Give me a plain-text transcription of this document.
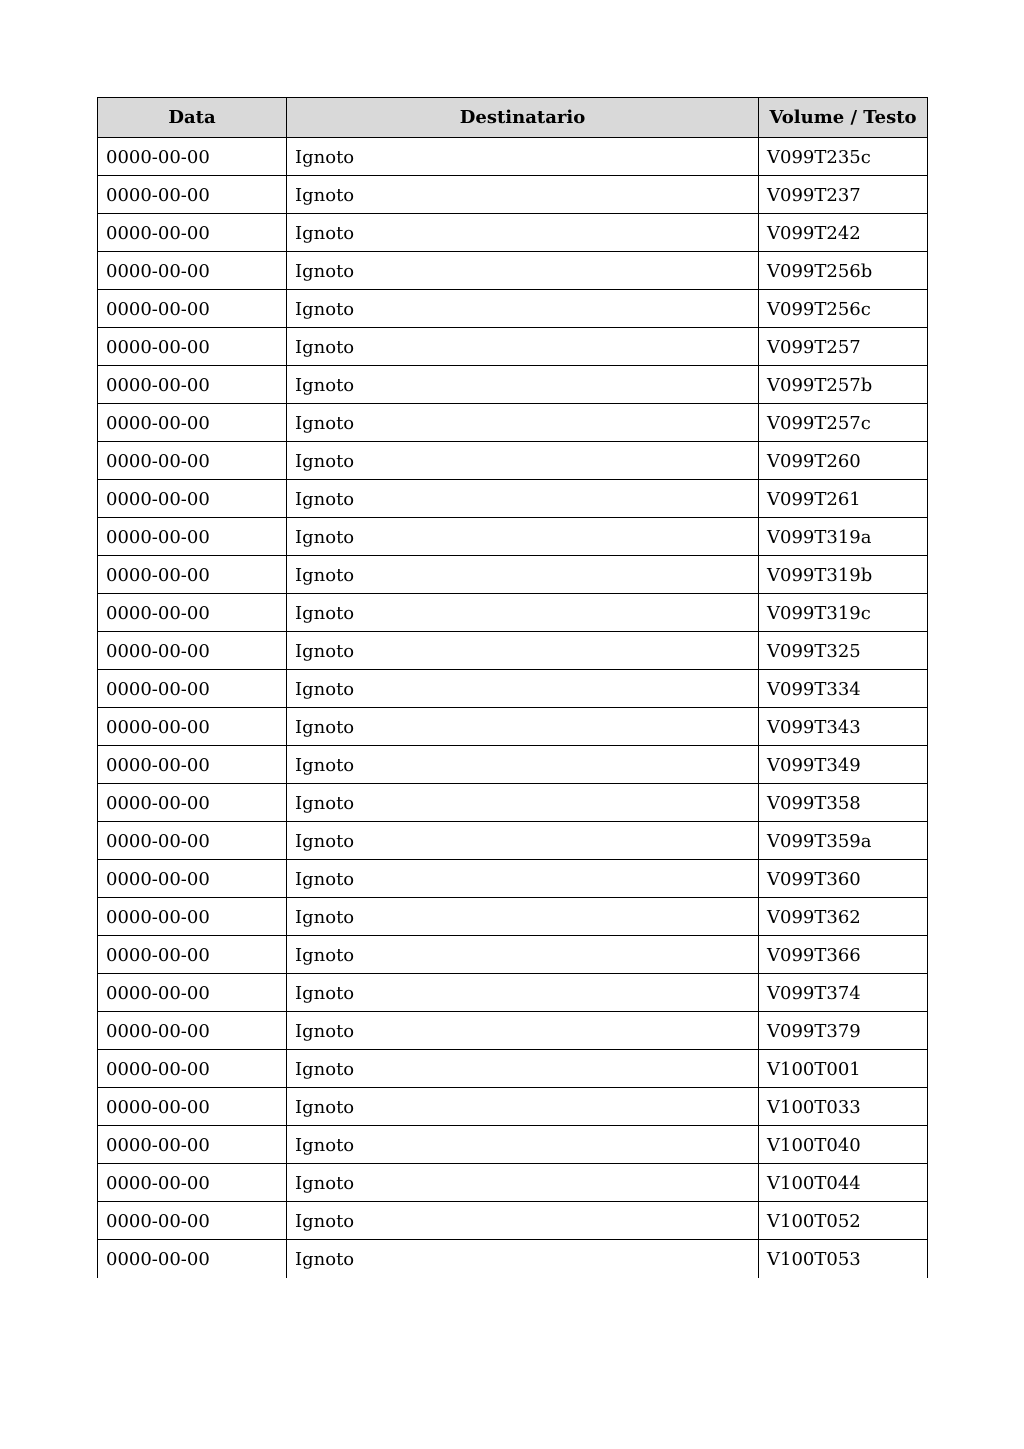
Data	Destinatario	Volume / Testo
0000-00-00	Ignoto	V099T235c
0000-00-00	Ignoto	V099T237
0000-00-00	Ignoto	V099T242
0000-00-00	Ignoto	V099T256b
0000-00-00	Ignoto	V099T256c
0000-00-00	Ignoto	V099T257
0000-00-00	Ignoto	V099T257b
0000-00-00	Ignoto	V099T257c
0000-00-00	Ignoto	V099T260
0000-00-00	Ignoto	V099T261
0000-00-00	Ignoto	V099T319a
0000-00-00	Ignoto	V099T319b
0000-00-00	Ignoto	V099T319c
0000-00-00	Ignoto	V099T325
0000-00-00	Ignoto	V099T334
0000-00-00	Ignoto	V099T343
0000-00-00	Ignoto	V099T349
0000-00-00	Ignoto	V099T358
0000-00-00	Ignoto	V099T359a
0000-00-00	Ignoto	V099T360
0000-00-00	Ignoto	V099T362
0000-00-00	Ignoto	V099T366
0000-00-00	Ignoto	V099T374
0000-00-00	Ignoto	V099T379
0000-00-00	Ignoto	V100T001
0000-00-00	Ignoto	V100T033
0000-00-00	Ignoto	V100T040
0000-00-00	Ignoto	V100T044
0000-00-00	Ignoto	V100T052
0000-00-00	Ignoto	V100T053
